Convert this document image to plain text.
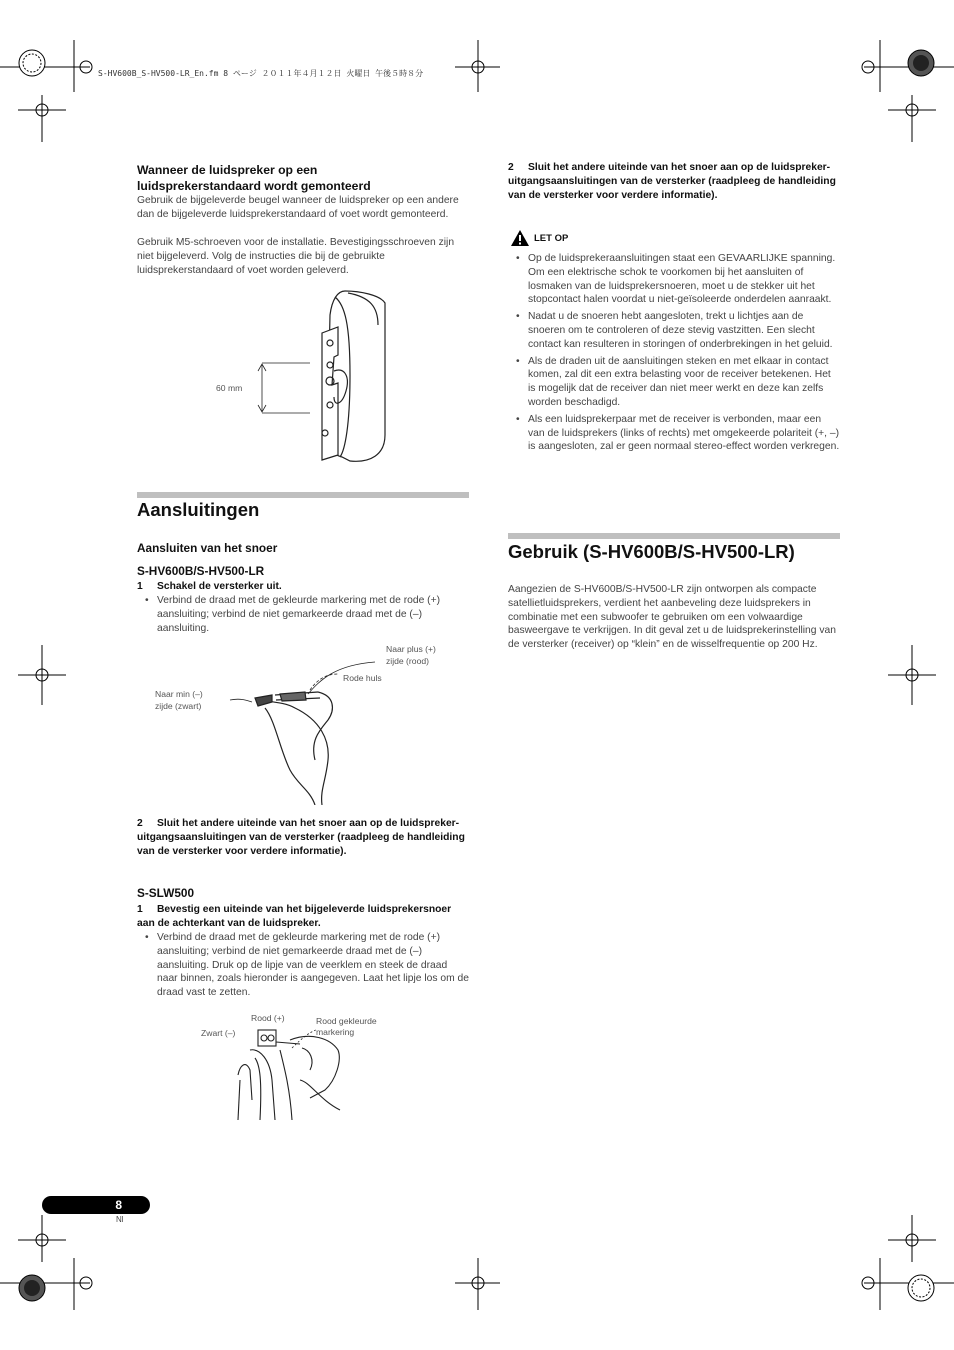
S-HV600B_S-HV500-LR_En.fm 8 ページ ２０１１年４月１２日 火曜日 午後５時８分
Wanneer de luidspreker op een luidsprekerstandaard wordt gemonteerd
Gebruik de bijgeleverde beugel wanneer de luidspreker op een andere dan de bijgeleverde luidsprekerstandaard of voet wordt gemonteerd.
Gebruik M5-schroeven voor de installatie. Bevestigingsschroeven zijn niet bijgeleverd. Volg de instructies die bij de gebruikte luidsprekerstandaard of voet worden geleverd.
60 mm
Aansluitingen
Aansluiten van het snoer
S-HV600B/S-HV500-LR
1 Schakel de versterker uit.
• Verbind de draad met de gekleurde markering met de rode (+) aansluiting; verbind de niet gemarkeerde draad met de (–) aansluiting.
Naar plus (+)
zijde (rood)
Rode huls
Naar min (–)
zijde (zwart)
2 Sluit het andere uiteinde van het snoer aan op de luidspreker-uitgangsaansluitingen van de versterker (raadpleeg de handleiding van de versterker voor verdere informatie).
S-SLW500
1 Bevestig een uiteinde van het bijgeleverde luidsprekersnoer aan de achterkant van de luidspreker.
• Verbind de draad met de gekleurde markering met de rode (+) aansluiting; verbind de niet gemarkeerde draad met de (–) aansluiting. Druk op de lipje van de veerklem en steek de draad naar binnen, zoals hieronder is aangegeven. Laat het lipje los om de draad vast te zetten.
Rood (+)
Zwart (–)
Rood gekleurde
markering
2 Sluit het andere uiteinde van het snoer aan op de luidspreker-uitgangsaansluitingen van de versterker (raadpleeg de handleiding van de versterker voor verdere informatie).
LET OP
• Op de luidsprekeraansluitingen staat een GEVAARLIJKE spanning. Om een elektrische schok te voorkomen bij het aansluiten of losmaken van de luidsprekersnoeren, moet u de stekker uit het stopcontact halen voordat u niet-geïsoleerde onderdelen aanraakt.
• Nadat u de snoeren hebt aangesloten, trekt u lichtjes aan de snoeren om te controleren of deze stevig vastzitten. Een slecht contact kan resulteren in storingen of onderbrekingen in het geluid.
• Als de draden uit de aansluitingen steken en met elkaar in contact komen, zal dit een extra belasting voor de receiver betekenen. Het is mogelijk dat de receiver dan niet meer werkt en deze kan zelfs worden beschadigd.
• Als een luidsprekerpaar met de receiver is verbonden, maar een van de luidsprekers (links of rechts) met omgekeerde polariteit (+, –) is aangesloten, zal er geen normaal stereo-effect worden verkregen.
Gebruik (S-HV600B/S-HV500-LR)
Aangezien de S-HV600B/S-HV500-LR zijn ontworpen als compacte satellietluidsprekers, verdient het aanbeveling deze luidsprekers in combinatie met een subwoofer te gebruiken om een volwaardige basweergave te verkrijgen. In dit geval zet u de luidsprekerinstelling van de versterker (receiver) op “klein” en de wisselfrequentie op 200 Hz.
8
Nl
